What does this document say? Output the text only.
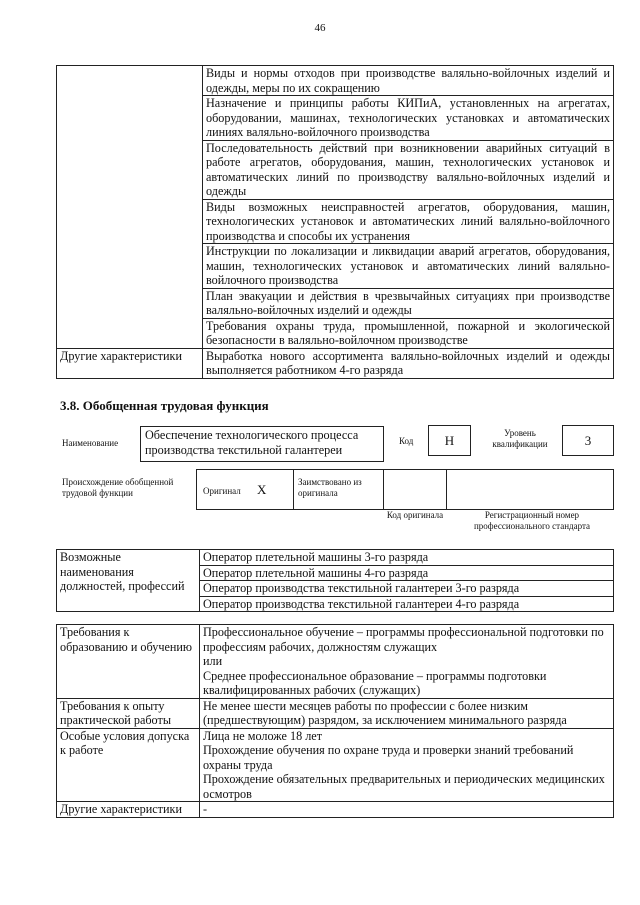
46
	Виды и нормы отходов при производстве валяльно-войлочных изделий и одежды, меры по их сокращению
	Назначение и принципы работы КИПиА, установленных на агрегатах, оборудовании, машинах, технологических установках и автоматических линиях валяльно-войлочного производства
	Последовательность действий при возникновении аварийных ситуаций в работе агрегатов, оборудования, машин, технологических установок и автоматических линий по производству валяльно-войлочных изделий и одежды
	Виды возможных неисправностей агрегатов, оборудования, машин, технологических установок и автоматических линий валяльно-войлочного производства и способы их устранения
	Инструкции по локализации и ликвидации аварий агрегатов, оборудования, машин, технологических установок и автоматических линий валяльно-войлочного производства
	План эвакуации и действия в чрезвычайных ситуациях при производстве валяльно-войлочных изделий и одежды
	Требования охраны труда, промышленной, пожарной и экологической безопасности в валяльно-войлочном производстве
Другие характеристики	Выработка нового ассортимента валяльно-войлочных изделий и одежды выполняется работником 4-го разряда
3.8. Обобщенная трудовая функция
Наименование
Обеспечение технологического процесса производства текстильной галантереи
Код	H	Уровень квалификации	3
Происхождение обобщенной трудовой функции	Оригинал X	Заимствовано из оригинала
Код оригинала	Регистрационный номер профессионального стандарта
Возможные наименования должностей, профессий	Оператор плетельной машины 3-го разряда
Оператор плетельной машины 4-го разряда
Оператор производства текстильной галантереи 3-го разряда
Оператор производства текстильной галантереи 4-го разряда
Требования к образованию и обучению	Профессиональное обучение – программы профессиональной подготовки по профессиям рабочих, должностям служащих

или

Среднее профессиональное образование – программы подготовки квалифицированных рабочих (служащих)

Требования к опыту практической работы	Не менее шести месяцев работы по профессии с более низким (предшествующим) разрядом, за исключением минимального разряда

Особые условия допуска к работе	Лица не моложе 18 лет

Прохождение обучения по охране труда и проверки знаний требований охраны труда

Прохождение обязательных предварительных и периодических медицинских осмотров

Другие характеристики	-
